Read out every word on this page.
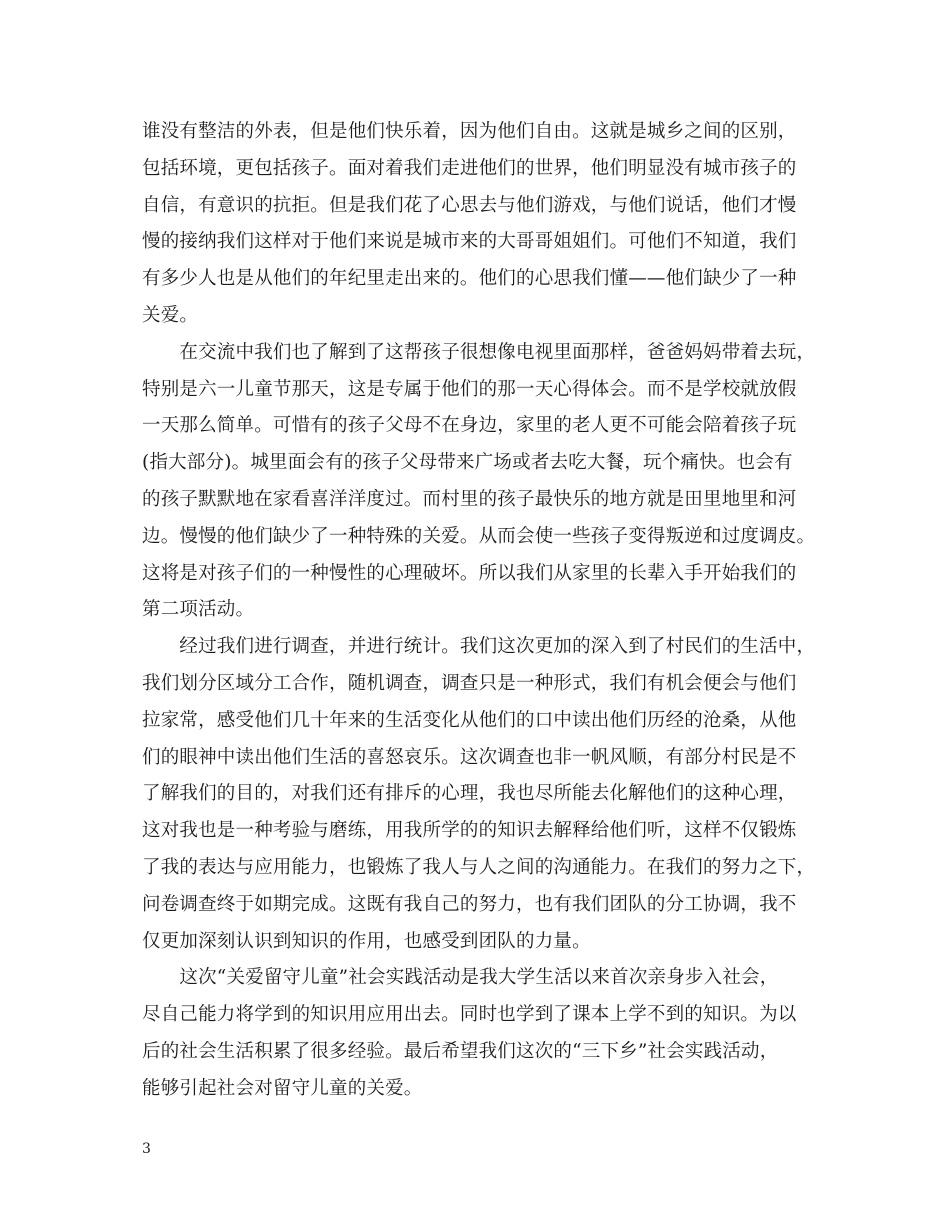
谁没有整洁的外表，但是他们快乐着，因为他们自由。这就是城乡之间的区别，
包括环境，更包括孩子。面对着我们走进他们的世界，他们明显没有城市孩子的
自信，有意识的抗拒。但是我们花了心思去与他们游戏，与他们说话，他们才慢
慢的接纳我们这样对于他们来说是城市来的大哥哥姐姐们。可他们不知道，我们
有多少人也是从他们的年纪里走出来的。他们的心思我们懂——他们缺少了一种
关爱。
　　在交流中我们也了解到了这帮孩子很想像电视里面那样，爸爸妈妈带着去玩，
特别是六一儿童节那天，这是专属于他们的那一天心得体会。而不是学校就放假
一天那么简单。可惜有的孩子父母不在身边，家里的老人更不可能会陪着孩子玩
(指大部分)。城里面会有的孩子父母带来广场或者去吃大餐，玩个痛快。也会有
的孩子默默地在家看喜洋洋度过。而村里的孩子最快乐的地方就是田里地里和河
边。慢慢的他们缺少了一种特殊的关爱。从而会使一些孩子变得叛逆和过度调皮。
这将是对孩子们的一种慢性的心理破坏。所以我们从家里的长辈入手开始我们的
第二项活动。
　　经过我们进行调查，并进行统计。我们这次更加的深入到了村民们的生活中，
我们划分区域分工合作，随机调查，调查只是一种形式，我们有机会便会与他们
拉家常，感受他们几十年来的生活变化从他们的口中读出他们历经的沧桑，从他
们的眼神中读出他们生活的喜怒哀乐。这次调查也非一帆风顺，有部分村民是不
了解我们的目的，对我们还有排斥的心理，我也尽所能去化解他们的这种心理，
这对我也是一种考验与磨练，用我所学的的知识去解释给他们听，这样不仅锻炼
了我的表达与应用能力，也锻炼了我人与人之间的沟通能力。在我们的努力之下，
问卷调查终于如期完成。这既有我自己的努力，也有我们团队的分工协调，我不
仅更加深刻认识到知识的作用，也感受到团队的力量。
　　这次“关爱留守儿童”社会实践活动是我大学生活以来首次亲身步入社会，
尽自己能力将学到的知识用应用出去。同时也学到了课本上学不到的知识。为以
后的社会生活积累了很多经验。最后希望我们这次的“三下乡”社会实践活动，
能够引起社会对留守儿童的关爱。
3
